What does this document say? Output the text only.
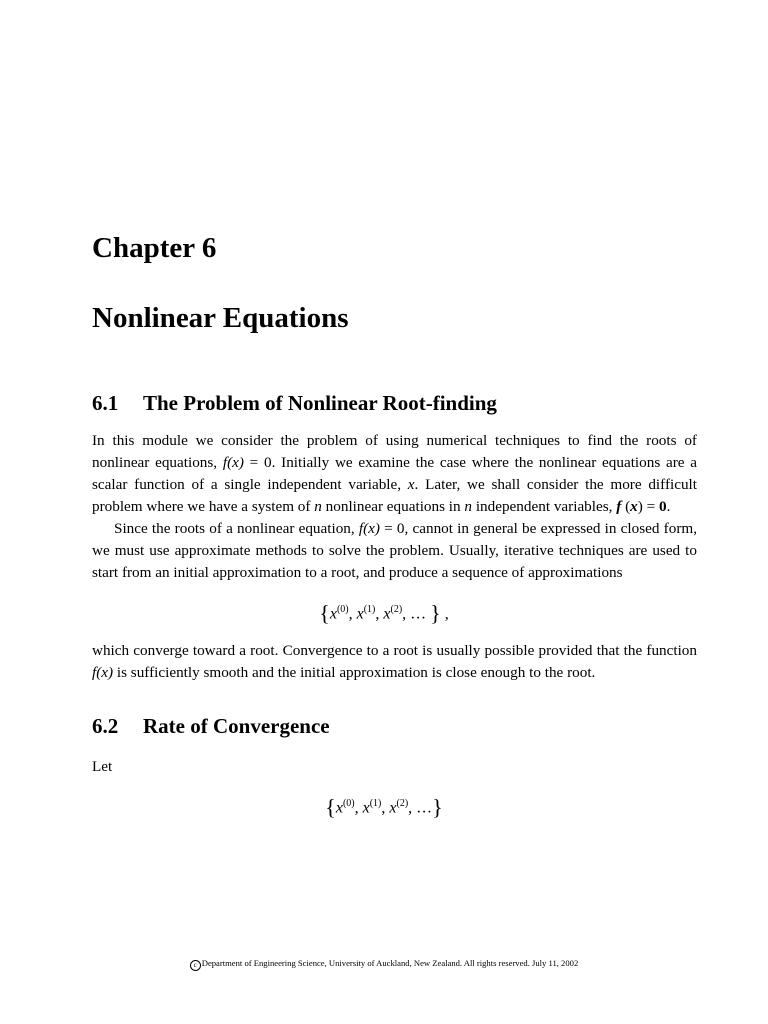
Chapter 6
Nonlinear Equations
6.1 The Problem of Nonlinear Root-finding
In this module we consider the problem of using numerical techniques to find the roots of nonlinear equations, f(x) = 0. Initially we examine the case where the nonlinear equations are a scalar function of a single independent variable, x. Later, we shall consider the more difficult problem where we have a system of n nonlinear equations in n independent variables, f (x) = 0.
Since the roots of a nonlinear equation, f(x) = 0, cannot in general be expressed in closed form, we must use approximate methods to solve the problem. Usually, iterative techniques are used to start from an initial approximation to a root, and produce a sequence of approximations
{$x^{(0)}$, $x^{(1)}$, $x^{(2)}$, … } ,
which converge toward a root. Convergence to a root is usually possible provided that the function f(x) is sufficiently smooth and the initial approximation is close enough to the root.
6.2 Rate of Convergence
Let
{$x^{(0)}$, $x^{(1)}$, $x^{(2)}$, …}
c Department of Engineering Science, University of Auckland, New Zealand. All rights reserved. July 11, 2002
